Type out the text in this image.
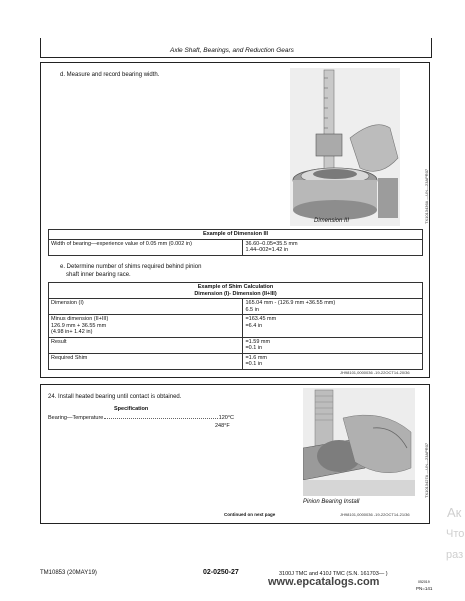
Axle Shaft, Bearings, and Reduction Gears
d. Measure and record bearing width.
Dimension III	TX1013436A —UN—23APR07
Example of Dimension III
Width of bearing—experience value of 0.05 mm (0.002 in)	36.60–0.05=35.5 mm
1.44–002=1.42 in
e. Determine number of shims required behind pinion
shaft inner bearing race.
Example of Shim Calculation
Dimension (I)- Dimension (II+III)	

Dimension (I)	165.04 mm - (126.9 mm +36.55 mm)
6.5 in
Minus dimension (II+III)
126.9 mm + 36.55 mm
(4.98 in+ 1.42 in)	=163.45 mm
=6.4 in
Result	=1.59 mm
=0.1 in
Required Shim	=1.6 mm
=0.1 in
JH98101,0000036 -19-22OCT14-20/36
24. Install heated bearing until contact is obtained.
Specification
Bearing—Temperature	120°C
248°F
Pinion Bearing Install
TX1013427A —UN—23APR07
Continued on next page	JH98101,0000036 -19-22OCT14-21/36
TM10853 (20MAY19)	02-0250-27	3100J TMC and 410J TMC (S.N. 161703— )
052019
PN=141
www.epcatalogs.com
Ак
Что
раз
